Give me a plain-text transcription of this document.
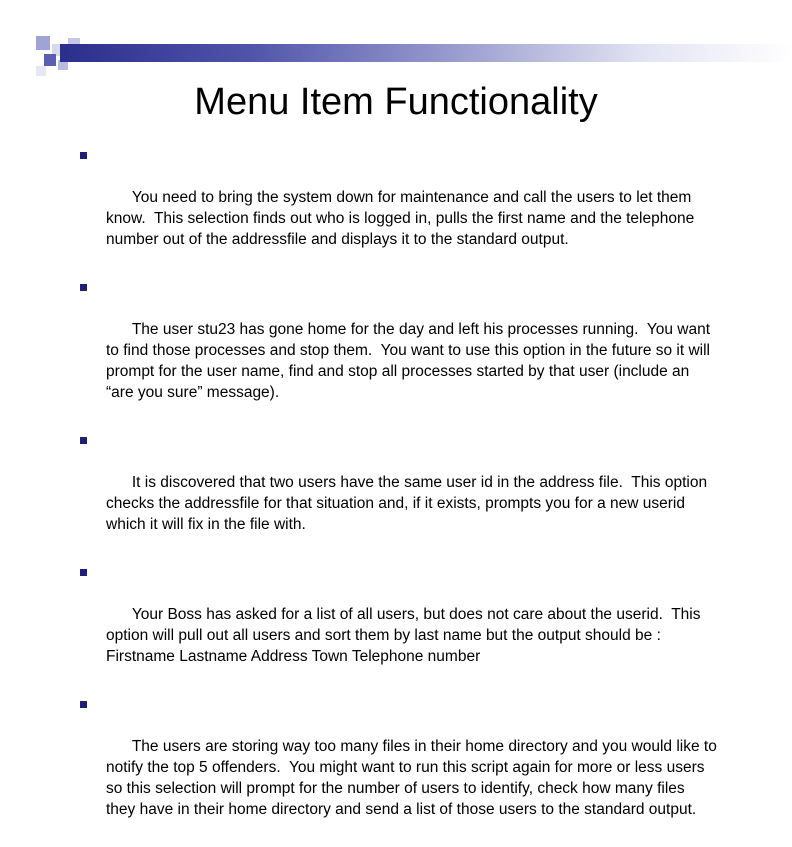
Menu Item Functionality

You need to bring the system down for maintenance and call the users to let them know.  This selection finds out who is logged in, pulls the first name and the telephone number out of the addressfile and displays it to the standard output.

The user stu23 has gone home for the day and left his processes running.  You want to find those processes and stop them.  You want to use this option in the future so it will prompt for the user name, find and stop all processes started by that user (include an “are you sure” message).

It is discovered that two users have the same user id in the address file.  This option checks the addressfile for that situation and, if it exists, prompts you for a new userid which it will fix in the file with.

Your Boss has asked for a list of all users, but does not care about the userid.  This option will pull out all users and sort them by last name but the output should be : Firstname Lastname Address Town Telephone number

The users are storing way too many files in their home directory and you would like to notify the top 5 offenders.  You might want to run this script again for more or less users so this selection will prompt for the number of users to identify, check how many files they have in their home directory and send a list of those users to the standard output.
